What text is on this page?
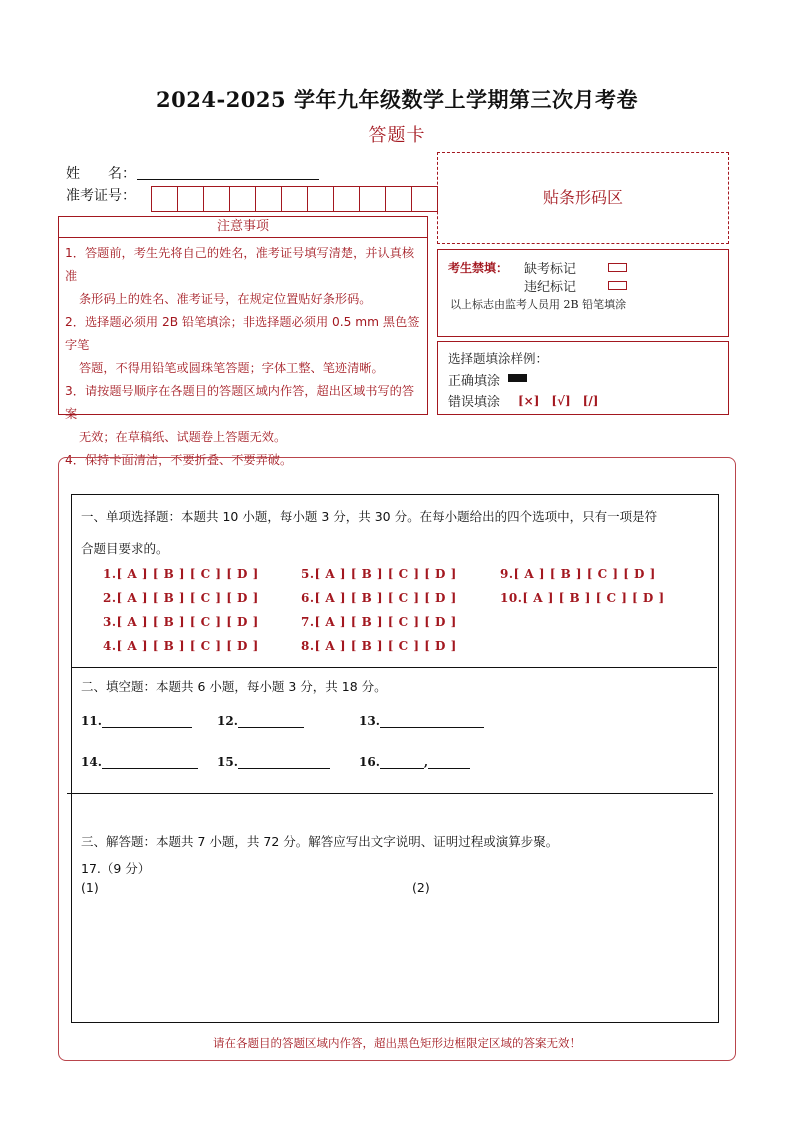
2024-2025 学年九年级数学上学期第三次月考卷
答题卡
姓　　名：
准考证号：
注意事项
1．答题前，考生先将自己的姓名，准考证号填写清楚，并认真核准
条形码上的姓名、准考证号，在规定位置贴好条形码。
2．选择题必须用 2B 铅笔填涂；非选择题必须用 0.5 mm 黑色签字笔
答题，不得用铅笔或圆珠笔答题；字体工整、笔迹清晰。
3．请按题号顺序在各题目的答题区域内作答，超出区域书写的答案
无效；在草稿纸、试题卷上答题无效。
4．保持卡面清洁，不要折叠、不要弄破。
贴条形码区
考生禁填： 缺考标记
违纪标记
以上标志由监考人员用 2B 铅笔填涂
选择题填涂样例：
正确填涂
错误填涂 [×]　[√]　[/]
一、单项选择题：本题共 10 小题，每小题 3 分，共 30 分。在每小题给出的四个选项中，只有一项是符
合题目要求的。
1.[ A ] [ B ] [ C ] [ D ]
2.[ A ] [ B ] [ C ] [ D ]
3.[ A ] [ B ] [ C ] [ D ]
4.[ A ] [ B ] [ C ] [ D ]
5.[ A ] [ B ] [ C ] [ D ]
6.[ A ] [ B ] [ C ] [ D ]
7.[ A ] [ B ] [ C ] [ D ]
8.[ A ] [ B ] [ C ] [ D ]
9.[ A ] [ B ] [ C ] [ D ]
10.[ A ] [ B ] [ C ] [ D ]
二、填空题：本题共 6 小题，每小题 3 分，共 18 分。
11.	12.	13.
14.	15.	16.	,
三、解答题：本题共 7 小题，共 72 分。解答应写出文字说明、证明过程或演算步聚。
17.（9 分）
(1)	(2)
请在各题目的答题区域内作答，超出黑色矩形边框限定区域的答案无效！
